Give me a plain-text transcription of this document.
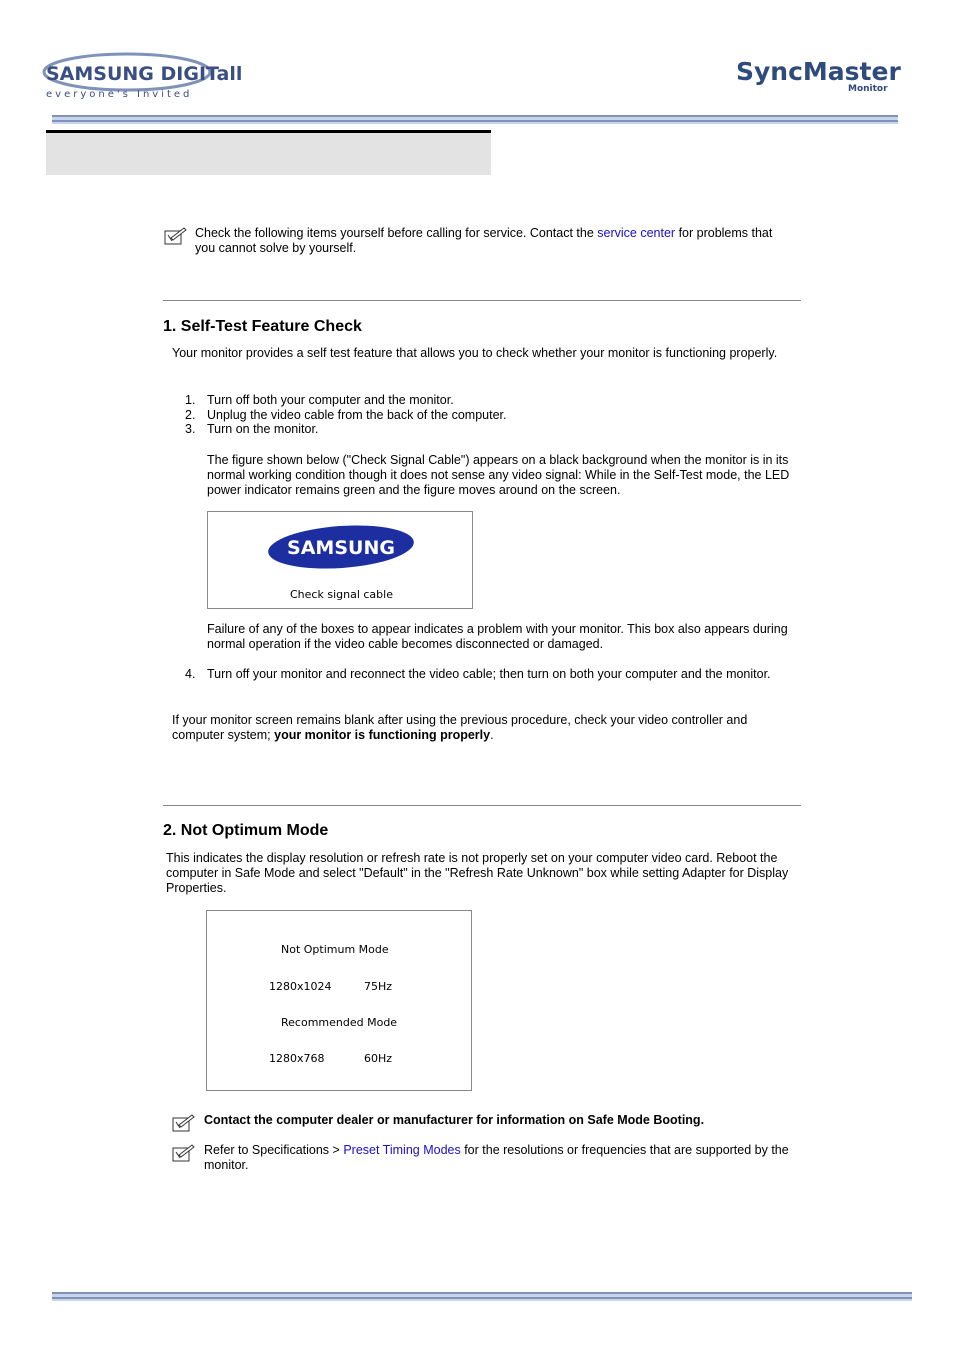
SAMSUNG DIGITall
everyone's Invited
SyncMaster
Monitor
Check the following items yourself before calling for service. Contact the service center for problems that you cannot solve by yourself.
1. Self-Test Feature Check
Your monitor provides a self test feature that allows you to check whether your monitor is functioning properly.
1. Turn off both your computer and the monitor.
2. Unplug the video cable from the back of the computer.
3. Turn on the monitor.
The figure shown below ("Check Signal Cable") appears on a black background when the monitor is in its normal working condition though it does not sense any video signal: While in the Self-Test mode, the LED power indicator remains green and the figure moves around on the screen.
SAMSUNG
Check signal cable
Failure of any of the boxes to appear indicates a problem with your monitor. This box also appears during normal operation if the video cable becomes disconnected or damaged.
4. Turn off your monitor and reconnect the video cable; then turn on both your computer and the monitor.
If your monitor screen remains blank after using the previous procedure, check your video controller and computer system; your monitor is functioning properly.
2. Not Optimum Mode
This indicates the display resolution or refresh rate is not properly set on your computer video card. Reboot the computer in Safe Mode and select "Default" in the "Refresh Rate Unknown" box while setting Adapter for Display Properties.
Not Optimum Mode
1280x1024	75Hz
Recommended Mode
1280x768	60Hz
Contact the computer dealer or manufacturer for information on Safe Mode Booting.
Refer to Specifications > Preset Timing Modes for the resolutions or frequencies that are supported by the monitor.
